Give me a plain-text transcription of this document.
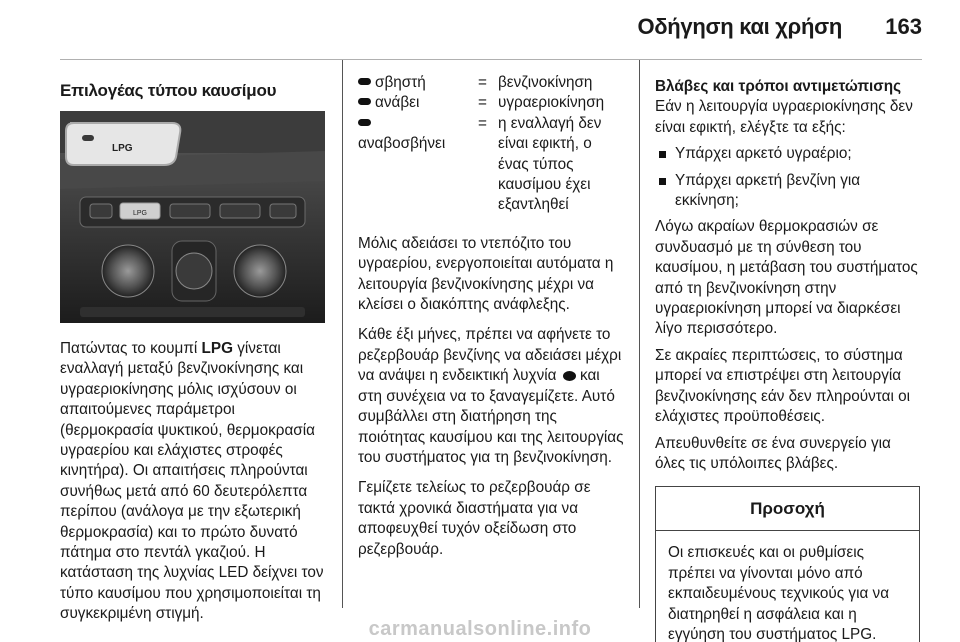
Οδήγηση και χρήση 163
Επιλογέας τύπου καυσίμου
LPG
LPG
Πατώντας το κουμπί LPG γίνεται εναλλαγή μεταξύ βενζινοκίνησης και υγραεριοκίνησης μόλις ισχύσουν οι απαιτούμενες παράμετροι (θερμοκρασία ψυκτικού, θερμοκρασία υγραερίου και ελάχιστες στροφές κινητήρα). Οι απαιτήσεις πληρούνται συνήθως μετά από 60 δευτερόλεπτα περίπου (ανάλογα με την εξωτερική θερμοκρασία) και το πρώτο δυνατό πάτημα στο πεντάλ γκαζιού. Η κατάσταση της λυχνίας LED δείχνει τον τύπο καυσίμου που χρησιμοποιείται τη συγκεκριμένη στιγμή.
σβηστή	= βενζινοκίνηση
ανάβει	= υγραεριοκίνηση

αναβοσβήνει
= η εναλλαγή δεν είναι εφικτή, ο ένας τύπος καυσίμου έχει εξαντληθεί
Μόλις αδειάσει το ντεπόζιτο του υγραερίου, ενεργοποιείται αυτόματα η λειτουργία βενζινοκίνησης μέχρι να κλείσει ο διακόπτης ανάφλεξης.
Κάθε έξι μήνες, πρέπει να αφήνετε το ρεζερβουάρ βενζίνης να αδειάσει μέχρι να ανάψει η ενδεικτική λυχνία  και στη συνέχεια να το ξαναγεμίζετε. Αυτό συμβάλλει στη διατήρηση της ποιότητας καυσίμου και της λειτουργίας του συστήματος για τη βενζινοκίνηση.
Γεμίζετε τελείως το ρεζερβουάρ σε τακτά χρονικά διαστήματα για να αποφευχθεί τυχόν οξείδωση στο ρεζερβουάρ.
Βλάβες και τρόποι αντιμετώπισης
Εάν η λειτουργία υγραεριοκίνησης δεν είναι εφικτή, ελέγξτε τα εξής:
Υπάρχει αρκετό υγραέριο;
Υπάρχει αρκετή βενζίνη για εκκίνηση;
Λόγω ακραίων θερμοκρασιών σε συνδυασμό με τη σύνθεση του καυσίμου, η μετάβαση του συστήματος από τη βενζινοκίνηση στην υγραεριοκίνηση μπορεί να διαρκέσει λίγο περισσότερο.
Σε ακραίες περιπτώσεις, το σύστημα μπορεί να επιστρέψει στη λειτουργία βενζινοκίνησης εάν δεν πληρούνται οι ελάχιστες προϋποθέσεις.
Απευθυνθείτε σε ένα συνεργείο για όλες τις υπόλοιπες βλάβες.
Προσοχή
Οι επισκευές και οι ρυθμίσεις πρέπει να γίνονται μόνο από εκπαιδευμένους τεχνικούς για να διατηρηθεί η ασφάλεια και η εγγύηση του συστήματος LPG.
carmanualsonline.info
